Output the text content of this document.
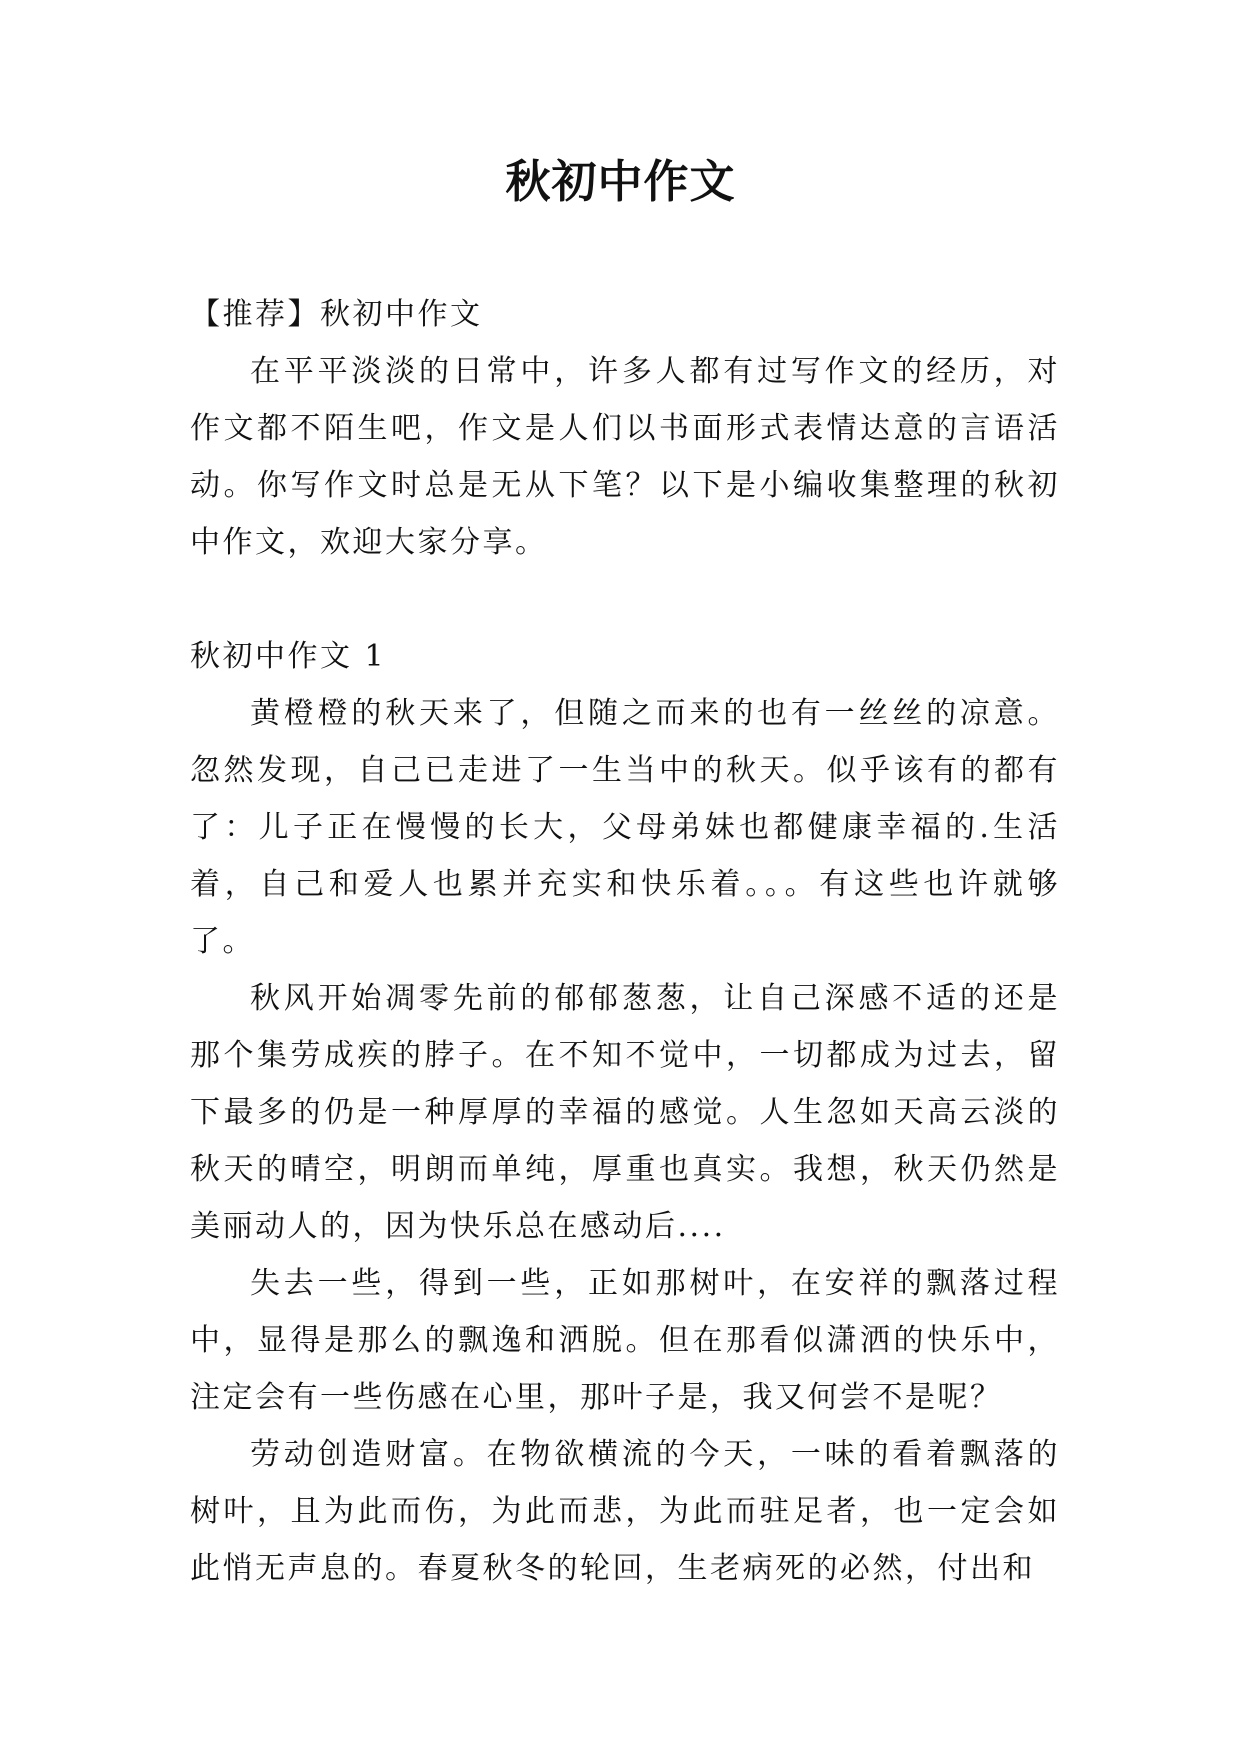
秋初中作文

【推荐】秋初中作文

在平平淡淡的日常中，许多人都有过写作文的经历，对作文都不陌生吧，作文是人们以书面形式表情达意的言语活动。你写作文时总是无从下笔？以下是小编收集整理的秋初中作文，欢迎大家分享。

秋初中作文 1

黄橙橙的秋天来了，但随之而来的也有一丝丝的凉意。忽然发现，自己已走进了一生当中的秋天。似乎该有的都有了：儿子正在慢慢的长大，父母弟妹也都健康幸福的.生活着，自己和爱人也累并充实和快乐着。。。有这些也许就够了。

秋风开始凋零先前的郁郁葱葱，让自己深感不适的还是那个集劳成疾的脖子。在不知不觉中，一切都成为过去，留下最多的仍是一种厚厚的幸福的感觉。人生忽如天高云淡的秋天的晴空，明朗而单纯，厚重也真实。我想，秋天仍然是美丽动人的，因为快乐总在感动后....

失去一些，得到一些，正如那树叶，在安祥的飘落过程中，显得是那么的飘逸和洒脱。但在那看似潇洒的快乐中，注定会有一些伤感在心里，那叶子是，我又何尝不是呢？

劳动创造财富。在物欲横流的今天，一味的看着飘落的树叶，且为此而伤，为此而悲，为此而驻足者，也一定会如此悄无声息的。春夏秋冬的轮回，生老病死的必然，付出和
